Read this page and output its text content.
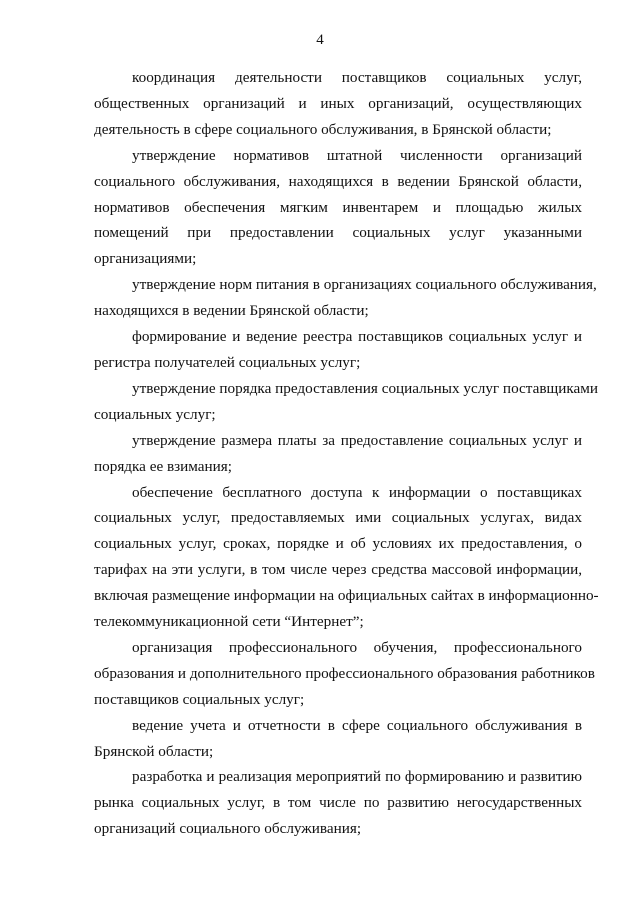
4

координация деятельности поставщиков социальных услуг,
общественных организаций и иных организаций, осуществляющих
деятельность в сфере социального обслуживания, в Брянской области;

утверждение нормативов штатной численности организаций
социального обслуживания, находящихся в ведении Брянской области,
нормативов обеспечения мягким инвентарем и площадью жилых
помещений при предоставлении социальных услуг указанными
организациями;

утверждение норм питания в организациях социального обслуживания,
находящихся в ведении Брянской области;

формирование и ведение реестра поставщиков социальных услуг и
регистра получателей социальных услуг;

утверждение порядка предоставления социальных услуг поставщиками
социальных услуг;

утверждение размера платы за предоставление социальных услуг и
порядка ее взимания;

обеспечение бесплатного доступа к информации о поставщиках
социальных услуг, предоставляемых ими социальных услугах, видах
социальных услуг, сроках, порядке и об условиях их предоставления, о
тарифах на эти услуги, в том числе через средства массовой информации,
включая размещение информации на официальных сайтах в информационно-
телекоммуникационной сети “Интернет”;

организация профессионального обучения, профессионального
образования и дополнительного профессионального образования работников
поставщиков социальных услуг;

ведение учета и отчетности в сфере социального обслуживания в
Брянской области;

разработка и реализация мероприятий по формированию и развитию
рынка социальных услуг, в том числе по развитию негосударственных
организаций социального обслуживания;
